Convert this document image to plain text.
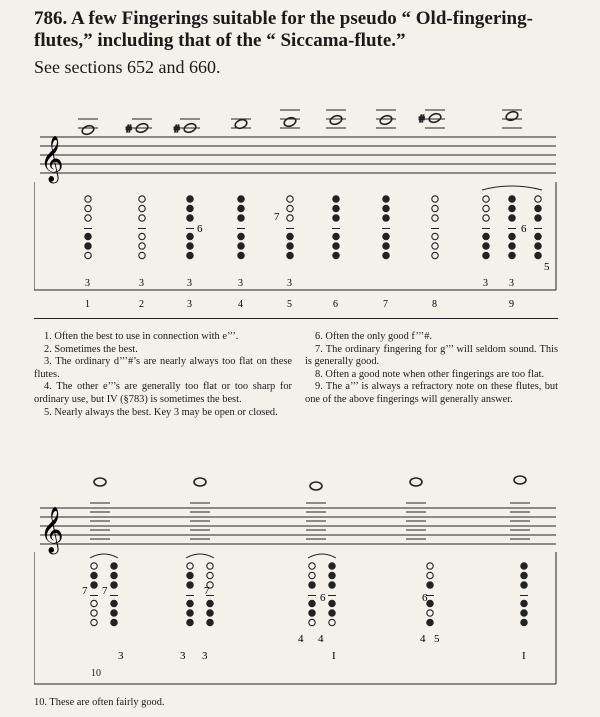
786. A few Fingerings suitable for the pseudo “ Old-fingering-flutes,” including that of the “ Siccama-flute.”
See sections 652 and 660.
𝄞
#	#
#
3	3	3	3	3	3 3
6
7
6
5
1	2	3	4	5	6	7	8	9

1. Often the best to use in connection with e’’’.

2. Sometimes the best.

3. The ordinary d’’’#’s are nearly always too flat on these flutes.

4. The other e’’’s are generally too flat or too sharp for ordinary use, but IV (§783) is sometimes the best.

5. Nearly always the best. Key 3 may be open or closed.

6. Often the only good f’’’#.

7. The ordinary fingering for g’’’ will seldom sound. This is generally good.

8. Often a good note when other fingerings are too flat.

9. The a’’’ is always a refractory note on these flutes, but one of the above fingerings will generally answer.

𝄞
7 7
3
7
3 3
6
4 4
I
6
4 5
I
10
10. These are often fairly good.
